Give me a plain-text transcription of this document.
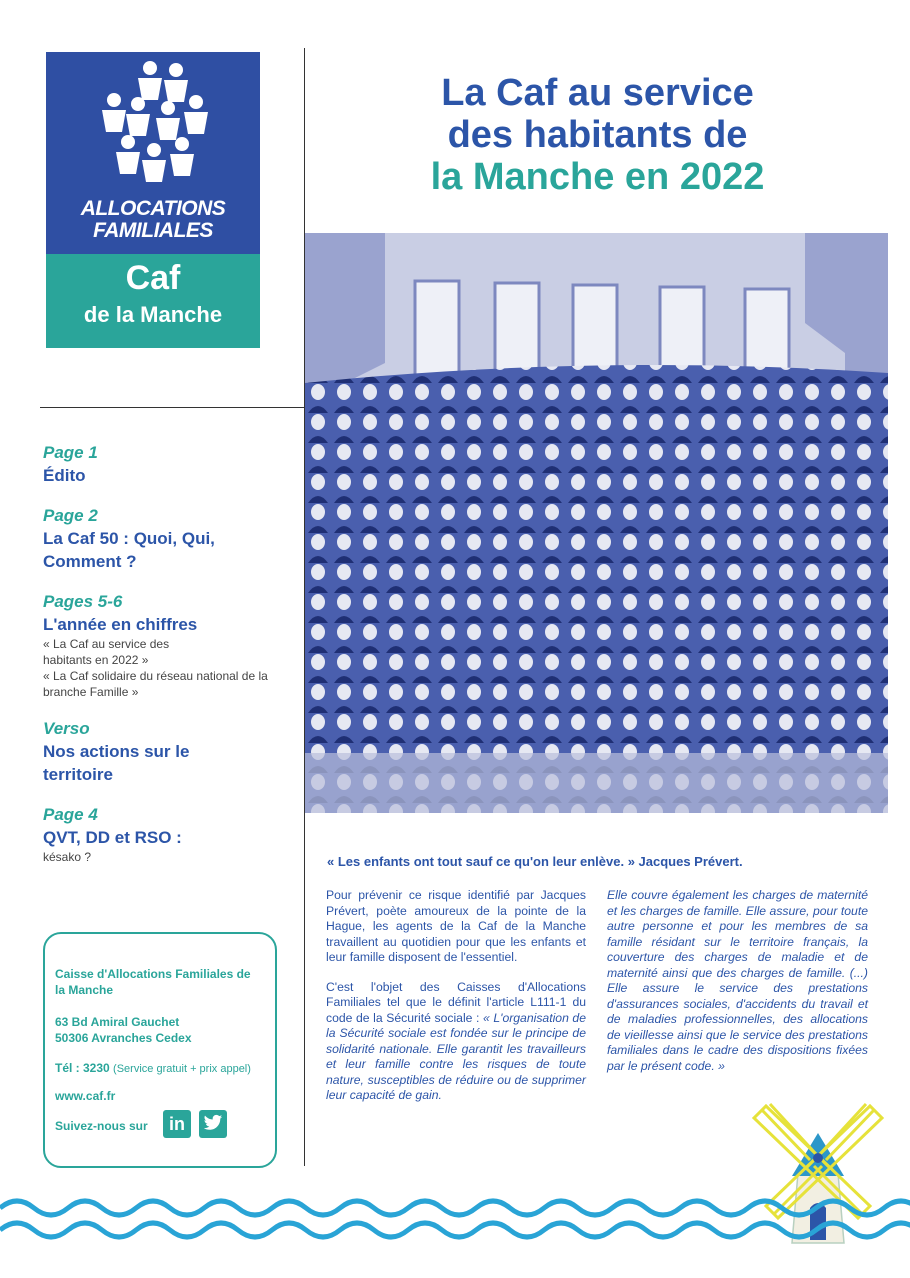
ALLOCATIONS
FAMILIALES
Caf
de la Manche
La Caf au service
des habitants de
la Manche en 2022
Page 1
Édito
Page 2
La Caf 50 : Quoi, Qui, Comment ?
Pages 5-6
L'année en chiffres
« La Caf au service des habitants en 2022 »
« La Caf solidaire du réseau national de la branche Famille »
Verso
Nos actions sur le territoire
Page 4
QVT, DD et RSO :
késako ?
Caisse d'Allocations Familiales de
la Manche
63 Bd Amiral Gauchet
50306 Avranches Cedex
Tél : 3230 (Service gratuit + prix appel)
www.caf.fr
Suivez-nous sur	in
« Les enfants ont tout sauf ce qu'on leur enlève. » Jacques Prévert.

Pour prévenir ce risque identifié par Jacques Prévert, poète amoureux de la pointe de la Hague, les agents de la Caf de la Manche travaillent au quotidien pour que les enfants et leur famille disposent de l'essentiel.

C'est l'objet des Caisses d'Allocations Familiales tel que le définit l'article L111-1 du code de la Sécurité sociale : « L'organisation de la Sécurité sociale est fondée sur le principe de solidarité nationale. Elle garantit les travailleurs et leur famille contre les risques de toute nature, susceptibles de réduire ou de supprimer leur capacité de gain.

Elle couvre également les charges de maternité et les charges de famille. Elle assure, pour toute autre personne et pour les membres de sa famille résidant sur le territoire français, la couverture des charges de maladie et de maternité ainsi que des charges de famille. (...) Elle assure le service des prestations d'assurances sociales, d'accidents du travail et de maladies professionnelles, des allocations de vieillesse ainsi que le service des prestations familiales dans le cadre des dispositions fixées par le présent code. »
